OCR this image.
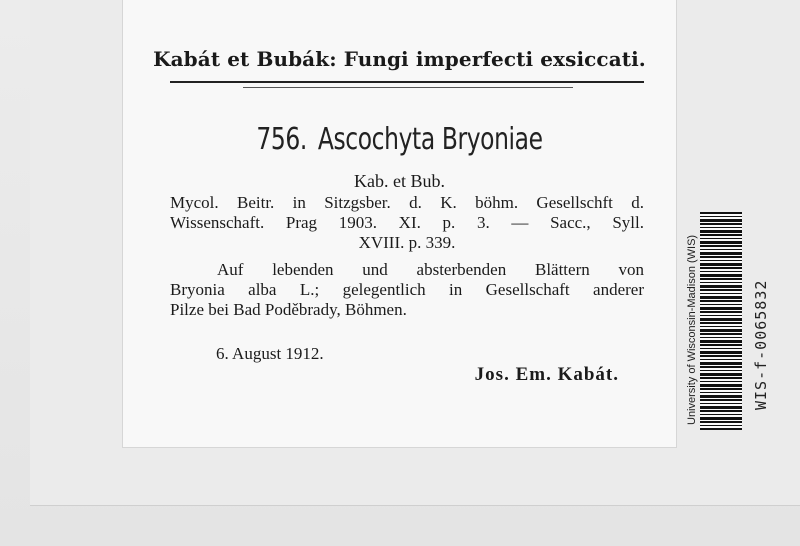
Kabát et Bubák: Fungi imperfecti exsiccati.
756. Ascochyta Bryoniae
Kab. et Bub.
Mycol. Beitr. in Sitzgsber. d. K. böhm. Gesellschft d.
Wissenschaft. Prag 1903. XI. p. 3. — Sacc., Syll.
XVIII. p. 339.
Auf lebenden und absterbenden Blättern von
Bryonia alba L.; gelegentlich in Gesellschaft anderer
Pilze bei Bad Poděbrady, Böhmen.
6. August 1912.
Jos. Em. Kabát.	University of Wisconsin-Madison (WIS)	WIS-f-0065832
